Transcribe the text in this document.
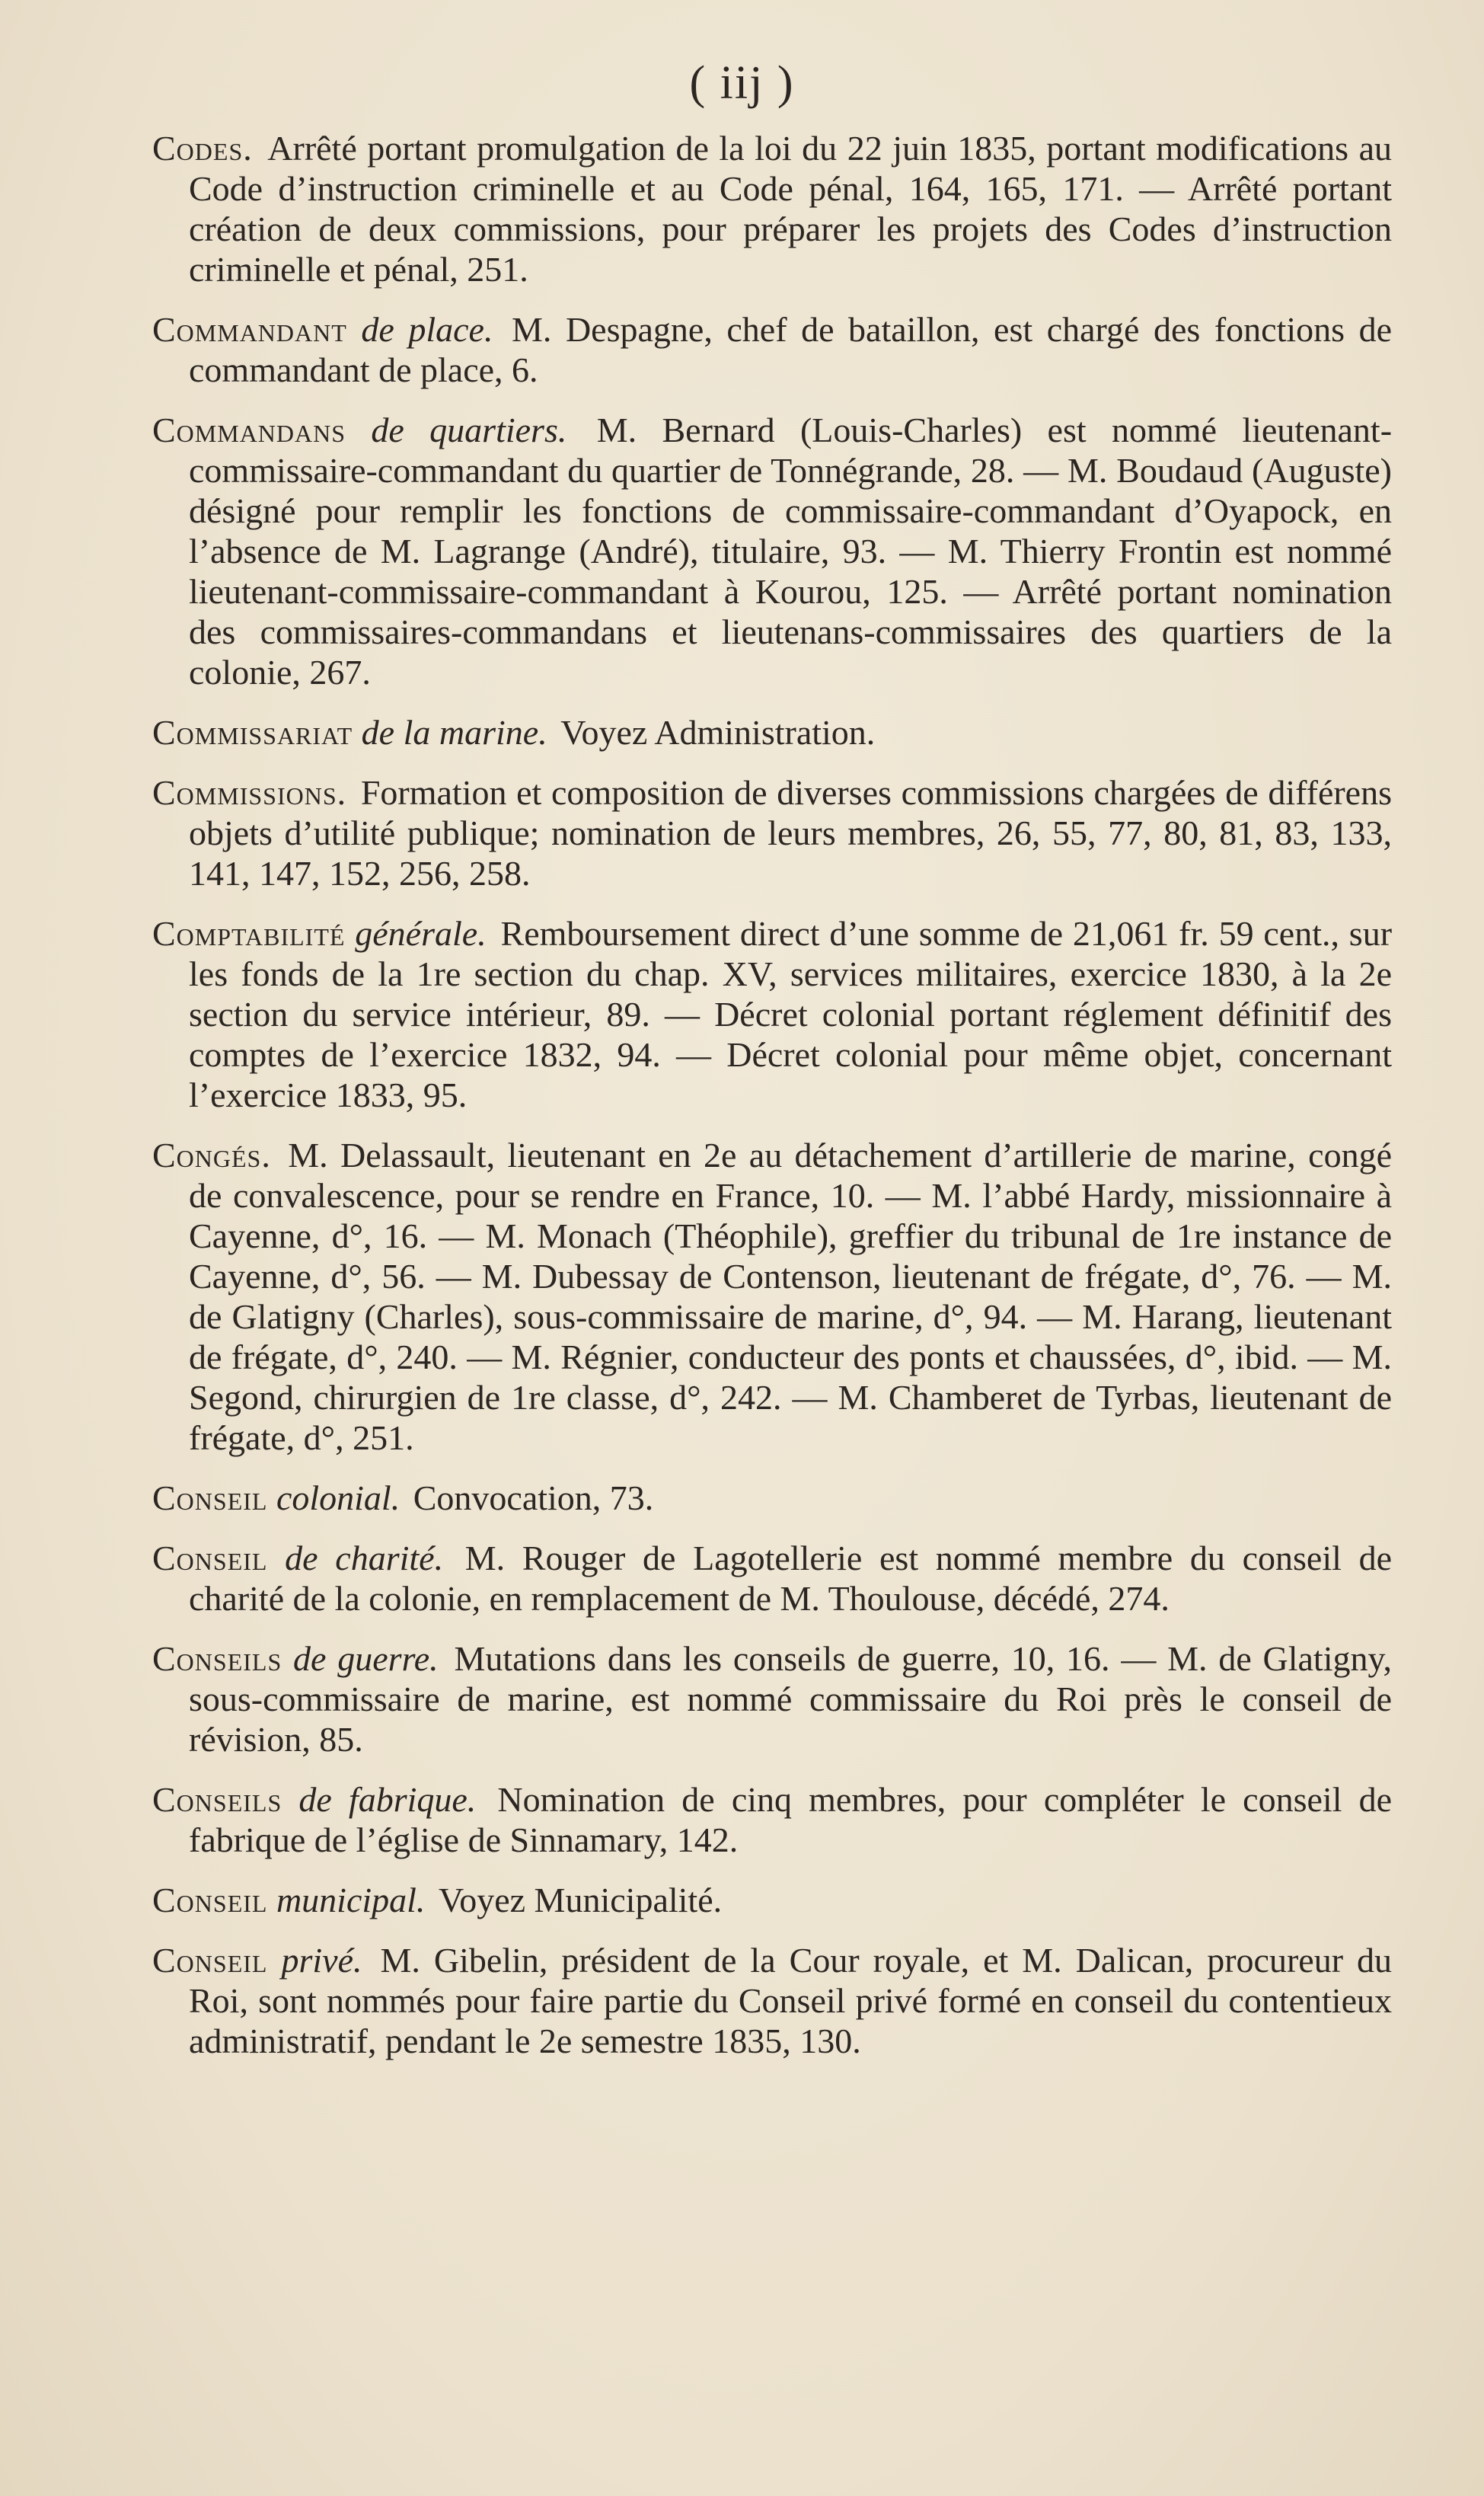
( iij )

Codes. Arrêté portant promulgation de la loi du 22 juin 1835, portant modifications au Code d’instruction criminelle et au Code pénal, 164, 165, 171. — Arrêté portant création de deux commissions, pour préparer les projets des Codes d’instruction criminelle et pénal, 251.

Commandant de place. M. Despagne, chef de bataillon, est chargé des fonctions de commandant de place, 6.

Commandans de quartiers. M. Bernard (Louis-Charles) est nommé lieutenant-commissaire-commandant du quartier de Tonnégrande, 28. — M. Boudaud (Auguste) désigné pour remplir les fonctions de commissaire-commandant d’Oyapock, en l’absence de M. Lagrange (André), titulaire, 93. — M. Thierry Frontin est nommé lieutenant-commissaire-commandant à Kourou, 125. — Arrêté portant nomination des commissaires-commandans et lieutenans-commissaires des quartiers de la colonie, 267.

Commissariat de la marine. Voyez Administration.

Commissions. Formation et composition de diverses commissions chargées de différens objets d’utilité publique; nomination de leurs membres, 26, 55, 77, 80, 81, 83, 133, 141, 147, 152, 256, 258.

Comptabilité générale. Remboursement direct d’une somme de 21,061 fr. 59 cent., sur les fonds de la 1re section du chap. XV, services militaires, exercice 1830, à la 2e section du service intérieur, 89. — Décret colonial portant réglement définitif des comptes de l’exercice 1832, 94. — Décret colonial pour même objet, concernant l’exercice 1833, 95.

Congés. M. Delassault, lieutenant en 2e au détachement d’artillerie de marine, congé de convalescence, pour se rendre en France, 10. — M. l’abbé Hardy, missionnaire à Cayenne, d°, 16. — M. Monach (Théophile), greffier du tribunal de 1re instance de Cayenne, d°, 56. — M. Dubessay de Contenson, lieutenant de frégate, d°, 76. — M. de Glatigny (Charles), sous-commissaire de marine, d°, 94. — M. Harang, lieutenant de frégate, d°, 240. — M. Régnier, conducteur des ponts et chaussées, d°, ibid. — M. Segond, chirurgien de 1re classe, d°, 242. — M. Chamberet de Tyrbas, lieutenant de frégate, d°, 251.

Conseil colonial. Convocation, 73.

Conseil de charité. M. Rouger de Lagotellerie est nommé membre du conseil de charité de la colonie, en remplacement de M. Thoulouse, décédé, 274.

Conseils de guerre. Mutations dans les conseils de guerre, 10, 16. — M. de Glatigny, sous-commissaire de marine, est nommé commissaire du Roi près le conseil de révision, 85.

Conseils de fabrique. Nomination de cinq membres, pour compléter le conseil de fabrique de l’église de Sinnamary, 142.

Conseil municipal. Voyez Municipalité.

Conseil privé. M. Gibelin, président de la Cour royale, et M. Dalican, procureur du Roi, sont nommés pour faire partie du Conseil privé formé en conseil du contentieux administratif, pendant le 2e semestre 1835, 130.
